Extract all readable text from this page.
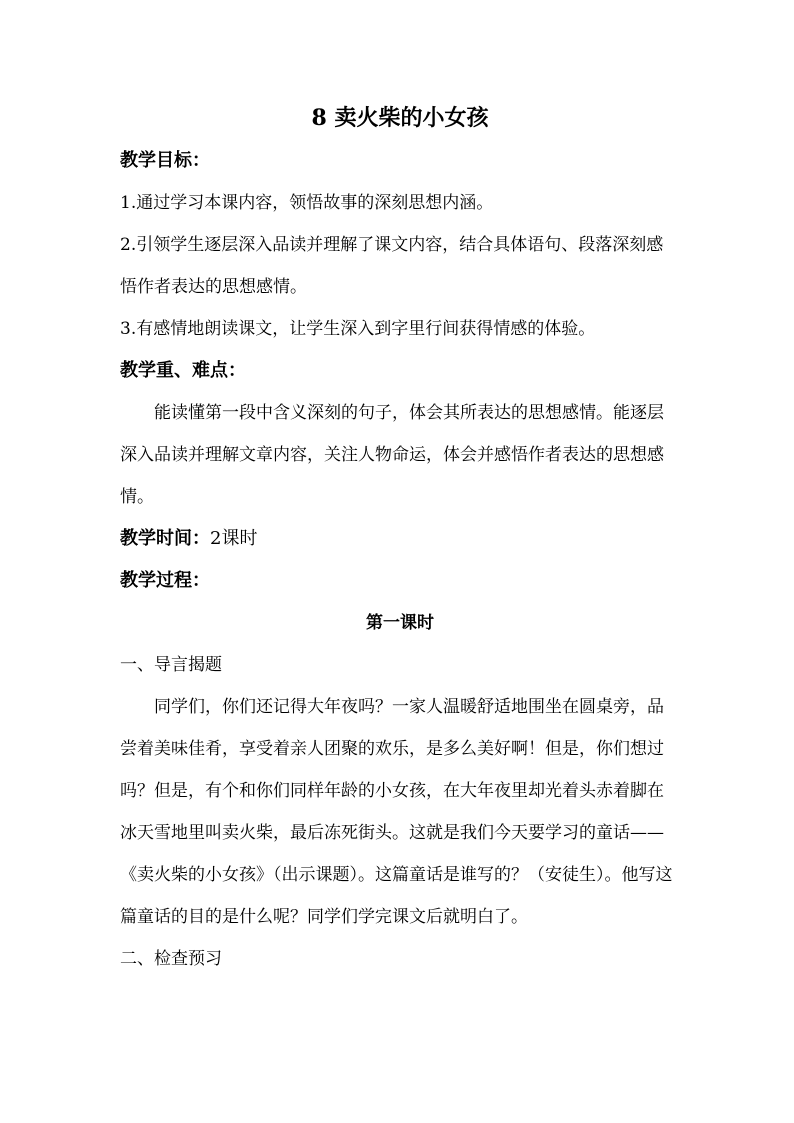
8 卖火柴的小女孩

教学目标：

1.通过学习本课内容，领悟故事的深刻思想内涵。

2.引领学生逐层深入品读并理解了课文内容，结合具体语句、段落深刻感悟作者表达的思想感情。

3.有感情地朗读课文，让学生深入到字里行间获得情感的体验。

教学重、难点：

能读懂第一段中含义深刻的句子，体会其所表达的思想感情。能逐层深入品读并理解文章内容，关注人物命运，体会并感悟作者表达的思想感情。

教学时间：2课时

教学过程：

第一课时

一、导言揭题

同学们，你们还记得大年夜吗？一家人温暖舒适地围坐在圆桌旁，品尝着美味佳肴，享受着亲人团聚的欢乐，是多么美好啊！但是，你们想过吗？但是，有个和你们同样年龄的小女孩，在大年夜里却光着头赤着脚在冰天雪地里叫卖火柴，最后冻死街头。这就是我们今天要学习的童话——《卖火柴的小女孩》（出示课题）。这篇童话是谁写的？（安徒生）。他写这篇童话的目的是什么呢？同学们学完课文后就明白了。

二、检查预习
